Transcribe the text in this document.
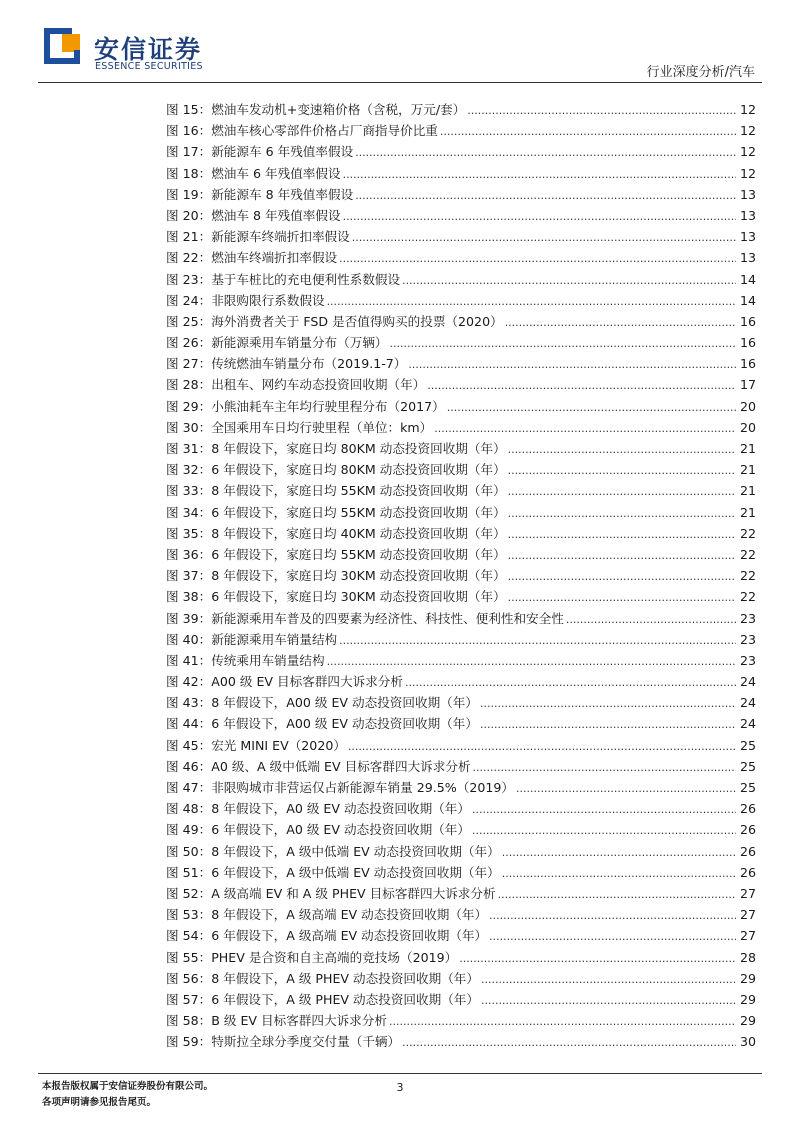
安信证券
ESSENCE SECURITIES	行业深度分析/汽车
图 15：燃油车发动机+变速箱价格（含税，万元/套） .....	12
图 16：燃油车核心零部件价格占厂商指导价比重 .....	12
图 17：新能源车 6 年残值率假设 .....	12
图 18：燃油车 6 年残值率假设 .....	12
图 19：新能源车 8 年残值率假设 .....	13
图 20：燃油车 8 年残值率假设 .....	13
图 21：新能源车终端折扣率假设 .....	13
图 22：燃油车终端折扣率假设 .....	13
图 23：基于车桩比的充电便利性系数假设 .....	14
图 24：非限购限行系数假设 .....	14
图 25：海外消费者关于 FSD 是否值得购买的投票（2020） .....	16
图 26：新能源乘用车销量分布（万辆） .....	16
图 27：传统燃油车销量分布（2019.1-7） .....	16
图 28：出租车、网约车动态投资回收期（年） .....	17
图 29：小熊油耗车主年均行驶里程分布（2017） .....	20
图 30：全国乘用车日均行驶里程（单位：km） .....	20
图 31：8 年假设下，家庭日均 80KM 动态投资回收期（年） .....	21
图 32：6 年假设下，家庭日均 80KM 动态投资回收期（年） .....	21
图 33：8 年假设下，家庭日均 55KM 动态投资回收期（年） .....	21
图 34：6 年假设下，家庭日均 55KM 动态投资回收期（年） .....	21
图 35：8 年假设下，家庭日均 40KM 动态投资回收期（年） .....	22
图 36：6 年假设下，家庭日均 55KM 动态投资回收期（年） .....	22
图 37：8 年假设下，家庭日均 30KM 动态投资回收期（年） .....	22
图 38：6 年假设下，家庭日均 30KM 动态投资回收期（年） .....	22
图 39：新能源乘用车普及的四要素为经济性、科技性、便利性和安全性 .....	23
图 40：新能源乘用车销量结构 .....	23
图 41：传统乘用车销量结构 .....	23
图 42：A00 级 EV 目标客群四大诉求分析 .....	24
图 43：8 年假设下，A00 级 EV 动态投资回收期（年） .....	24
图 44：6 年假设下，A00 级 EV 动态投资回收期（年） .....	24
图 45：宏光 MINI EV（2020） .....	25
图 46：A0 级、A 级中低端 EV 目标客群四大诉求分析 .....	25
图 47：非限购城市非营运仅占新能源车销量 29.5%（2019） .....	25
图 48：8 年假设下，A0 级 EV 动态投资回收期（年） .....	26
图 49：6 年假设下，A0 级 EV 动态投资回收期（年） .....	26
图 50：8 年假设下，A 级中低端 EV 动态投资回收期（年） .....	26
图 51：6 年假设下，A 级中低端 EV 动态投资回收期（年） .....	26
图 52：A 级高端 EV 和 A 级 PHEV 目标客群四大诉求分析 .....	27
图 53：8 年假设下，A 级高端 EV 动态投资回收期（年） .....	27
图 54：6 年假设下，A 级高端 EV 动态投资回收期（年） .....	27
图 55：PHEV 是合资和自主高端的竞技场（2019） .....	28
图 56：8 年假设下，A 级 PHEV 动态投资回收期（年） .....	29
图 57：6 年假设下，A 级 PHEV 动态投资回收期（年） .....	29
图 58：B 级 EV 目标客群四大诉求分析 .....	29
图 59：特斯拉全球分季度交付量（千辆） .....	30
本报告版权属于安信证券股份有限公司。
各项声明请参见报告尾页。
3
